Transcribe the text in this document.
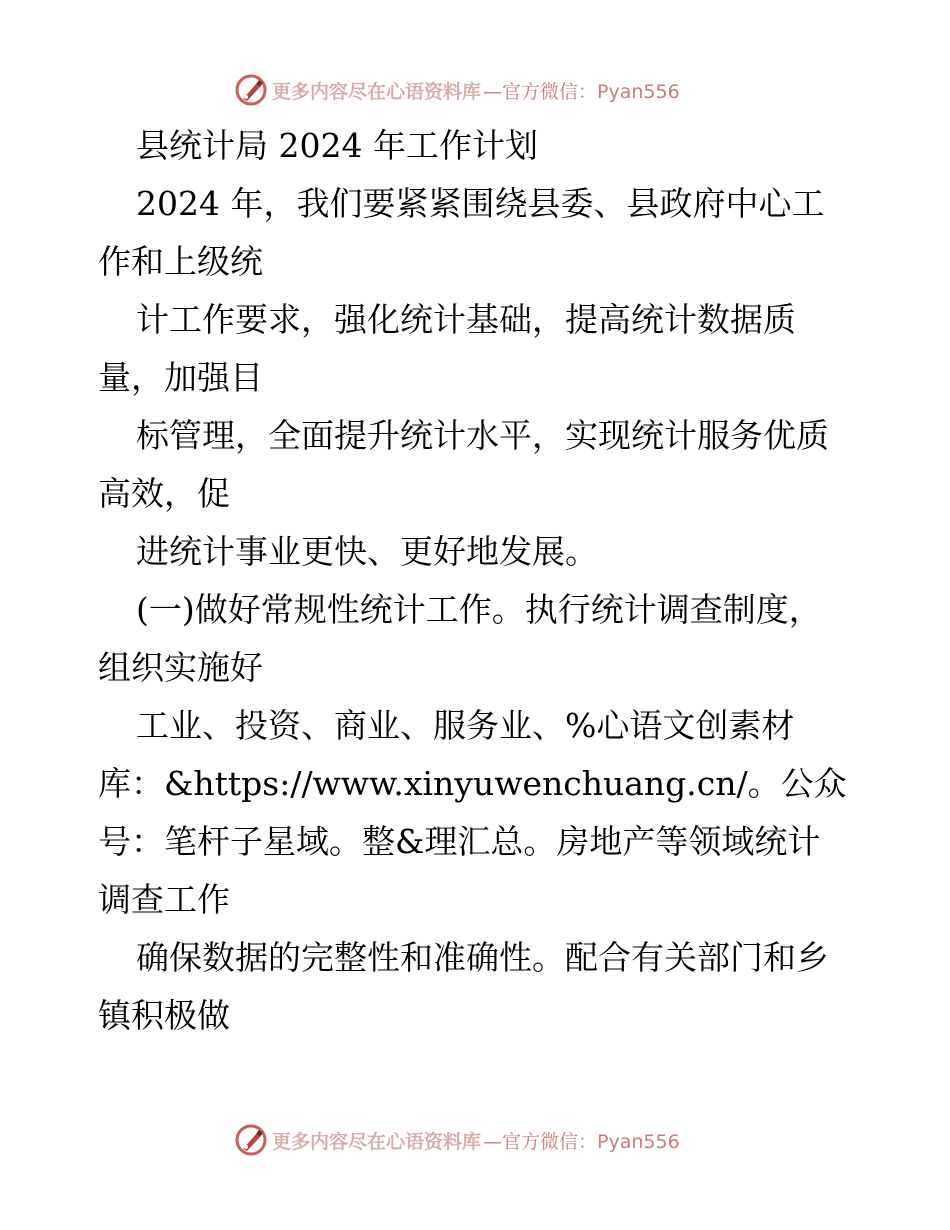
更多内容尽在心语资料库 —官方微信：Pyan556
县统计局 2024 年工作计划
2024 年，我们要紧紧围绕县委、县政府中心工
作和上级统
计工作要求，强化统计基础，提高统计数据质
量，加强目
标管理，全面提升统计水平，实现统计服务优质
高效，促
进统计事业更快、更好地发展。
(一)做好常规性统计工作。执行统计调查制度，
组织实施好
工业、投资、商业、服务业、%心语文创素材
库：&https://www.xinyuwenchuang.cn/。公众
号：笔杆子星域。整&理汇总。房地产等领域统计
调查工作
确保数据的完整性和准确性。配合有关部门和乡
镇积极做
更多内容尽在心语资料库 —官方微信：Pyan556
